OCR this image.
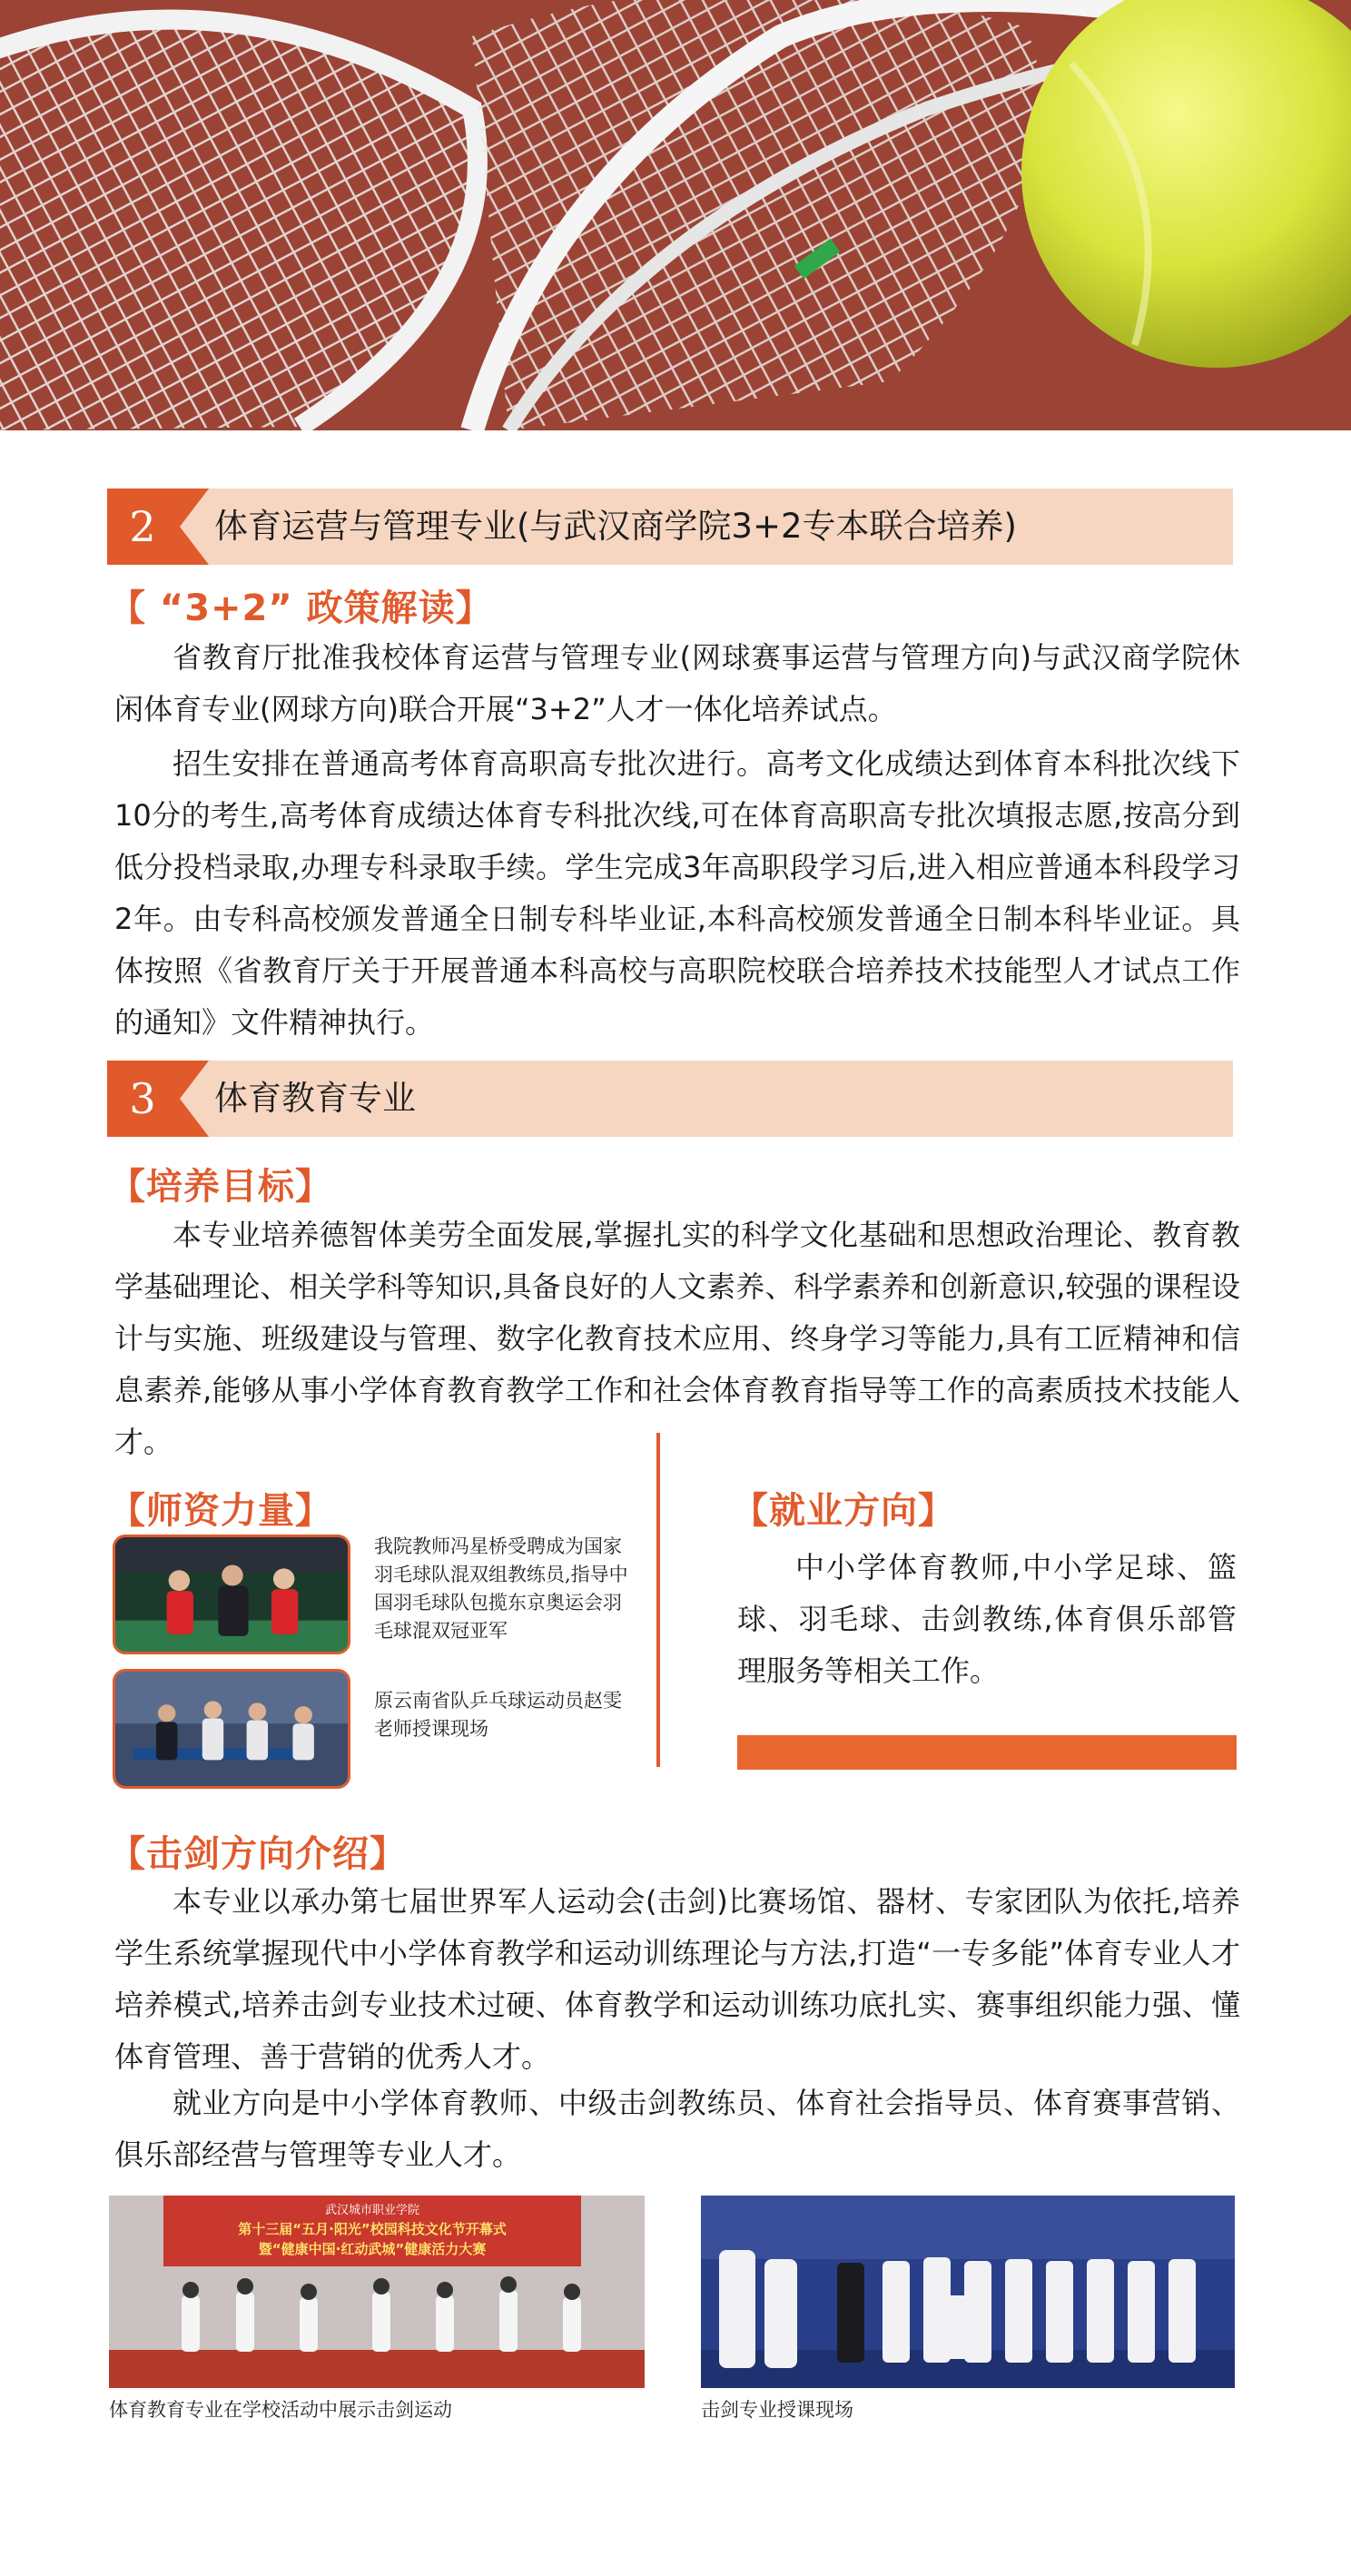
2	体育运营与管理专业(与武汉商学院3+2专本联合培养)
【 “3+2” 政策解读】
省教育厅批准我校体育运营与管理专业(网球赛事运营与管理方向)与武汉商学院休闲体育专业(网球方向)联合开展“3+2”人才一体化培养试点。
招生安排在普通高考体育高职高专批次进行。高考文化成绩达到体育本科批次线下10分的考生,高考体育成绩达体育专科批次线,可在体育高职高专批次填报志愿,按高分到低分投档录取,办理专科录取手续。学生完成3年高职段学习后,进入相应普通本科段学习2年。由专科高校颁发普通全日制专科毕业证,本科高校颁发普通全日制本科毕业证。具体按照《省教育厅关于开展普通本科高校与高职院校联合培养技术技能型人才试点工作的通知》文件精神执行。
3	体育教育专业
【培养目标】
本专业培养德智体美劳全面发展,掌握扎实的科学文化基础和思想政治理论、教育教学基础理论、相关学科等知识,具备良好的人文素养、科学素养和创新意识,较强的课程设计与实施、班级建设与管理、数字化教育技术应用、终身学习等能力,具有工匠精神和信息素养,能够从事小学体育教育教学工作和社会体育教育指导等工作的高素质技术技能人才。
【师资力量】
我院教师冯星桥受聘成为国家羽毛球队混双组教练员,指导中国羽毛球队包揽东京奥运会羽毛球混双冠亚军
原云南省队乒乓球运动员赵雯老师授课现场
【就业方向】
中小学体育教师,中小学足球、篮球、羽毛球、击剑教练,体育俱乐部管理服务等相关工作。
【击剑方向介绍】
本专业以承办第七届世界军人运动会(击剑)比赛场馆、器材、专家团队为依托,培养学生系统掌握现代中小学体育教学和运动训练理论与方法,打造“一专多能”体育专业人才培养模式,培养击剑专业技术过硬、体育教学和运动训练功底扎实、赛事组织能力强、懂体育管理、善于营销的优秀人才。
就业方向是中小学体育教师、中级击剑教练员、体育社会指导员、体育赛事营销、俱乐部经营与管理等专业人才。
武汉城市职业学院
第十三届“五月·阳光”校园科技文化节开幕式
暨“健康中国·红动武城”健康活力大赛
体育教育专业在学校活动中展示击剑运动	击剑专业授课现场
